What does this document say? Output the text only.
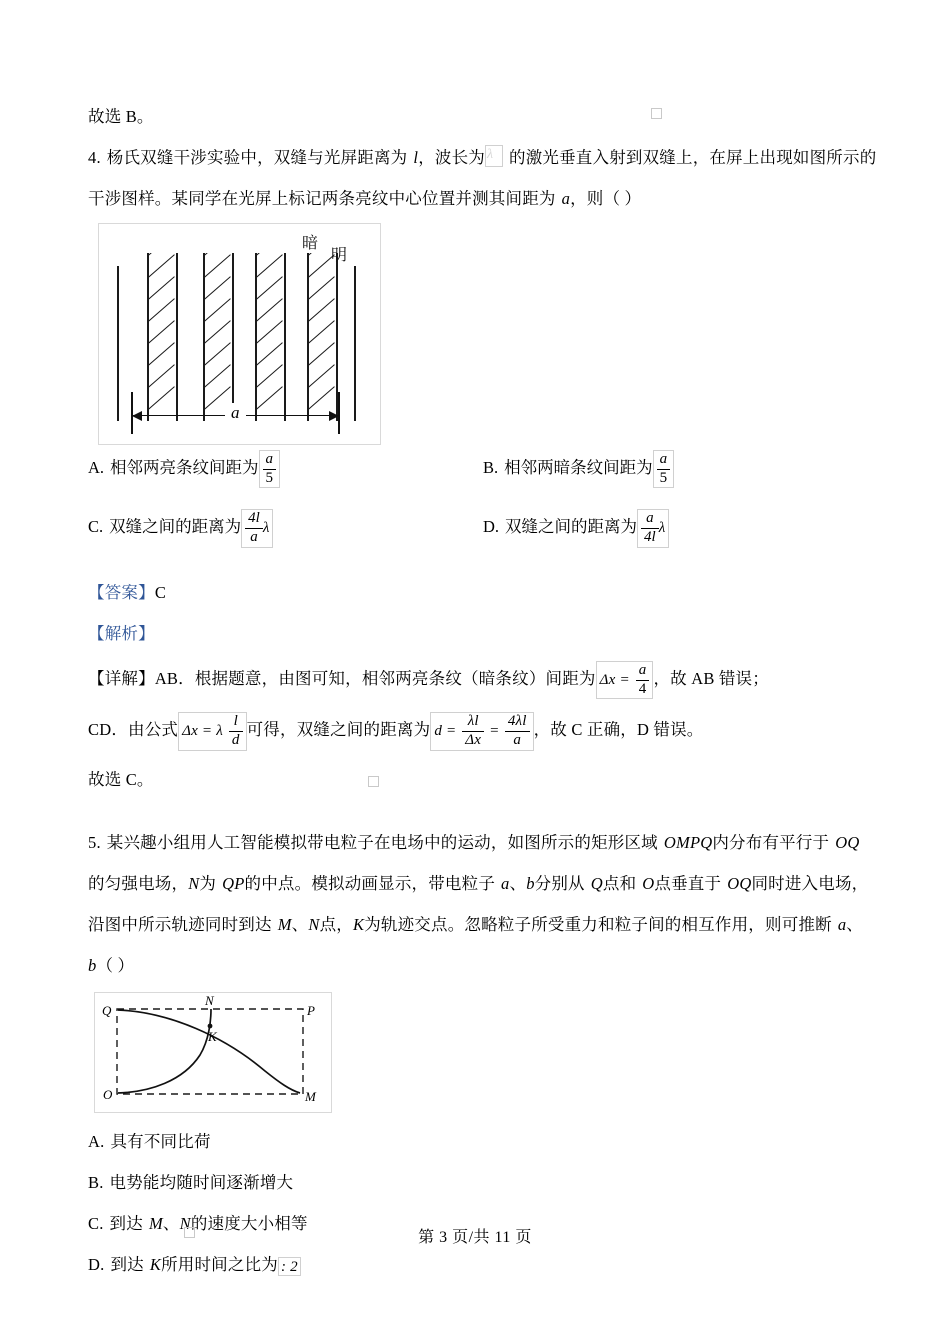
故选 B。
4. 杨氏双缝干涉实验中，双缝与光屏距离为 l，波长为 λ 的激光垂直入射到双缝上，在屏上出现如图所示的
干涉图样。某同学在光屏上标记两条亮纹中心位置并测其间距为 a，则（ ）
暗
明
a
A. 相邻两亮条纹间距为 $\frac{a}{5}$	B. 相邻两暗条纹间距为 $\frac{a}{5}$
C. 双缝之间的距离为 $\frac{4l}{a}$ λ	D. 双缝之间的距离为 $\frac{a}{4l}$ λ
【答案】C
【解析】
【详解】AB．根据题意，由图可知，相邻两亮条纹（暗条纹）间距为 $\Delta x = \frac{a}{4}$ ，故 AB 错误；
CD．由公式 Δx = λ $\frac{l}{d}$ 可得，双缝之间的距离为 $d = \frac{\lambda l}{\Delta x} = \frac{4\lambda l}{a}$ ，故 C 正确，D 错误。
故选 C。
5. 某兴趣小组用人工智能模拟带电粒子在电场中的运动，如图所示的矩形区域 OMPQ内分布有平行于 OQ
的匀强电场，N为 QP的中点。模拟动画显示，带电粒子 a、b分别从 Q点和 O点垂直于 OQ同时进入电场，
沿图中所示轨迹同时到达 M、N点，K为轨迹交点。忽略粒子所受重力和粒子间的相互作用，则可推断 a、
b（ ）
Q
N
P
K
O	M
A. 具有不同比荷
B. 电势能均随时间逐渐增大
C. 到达 M、N的速度大小相等
D. 到达 K所用时间之比为 : 2
第 3 页/共 11 页
